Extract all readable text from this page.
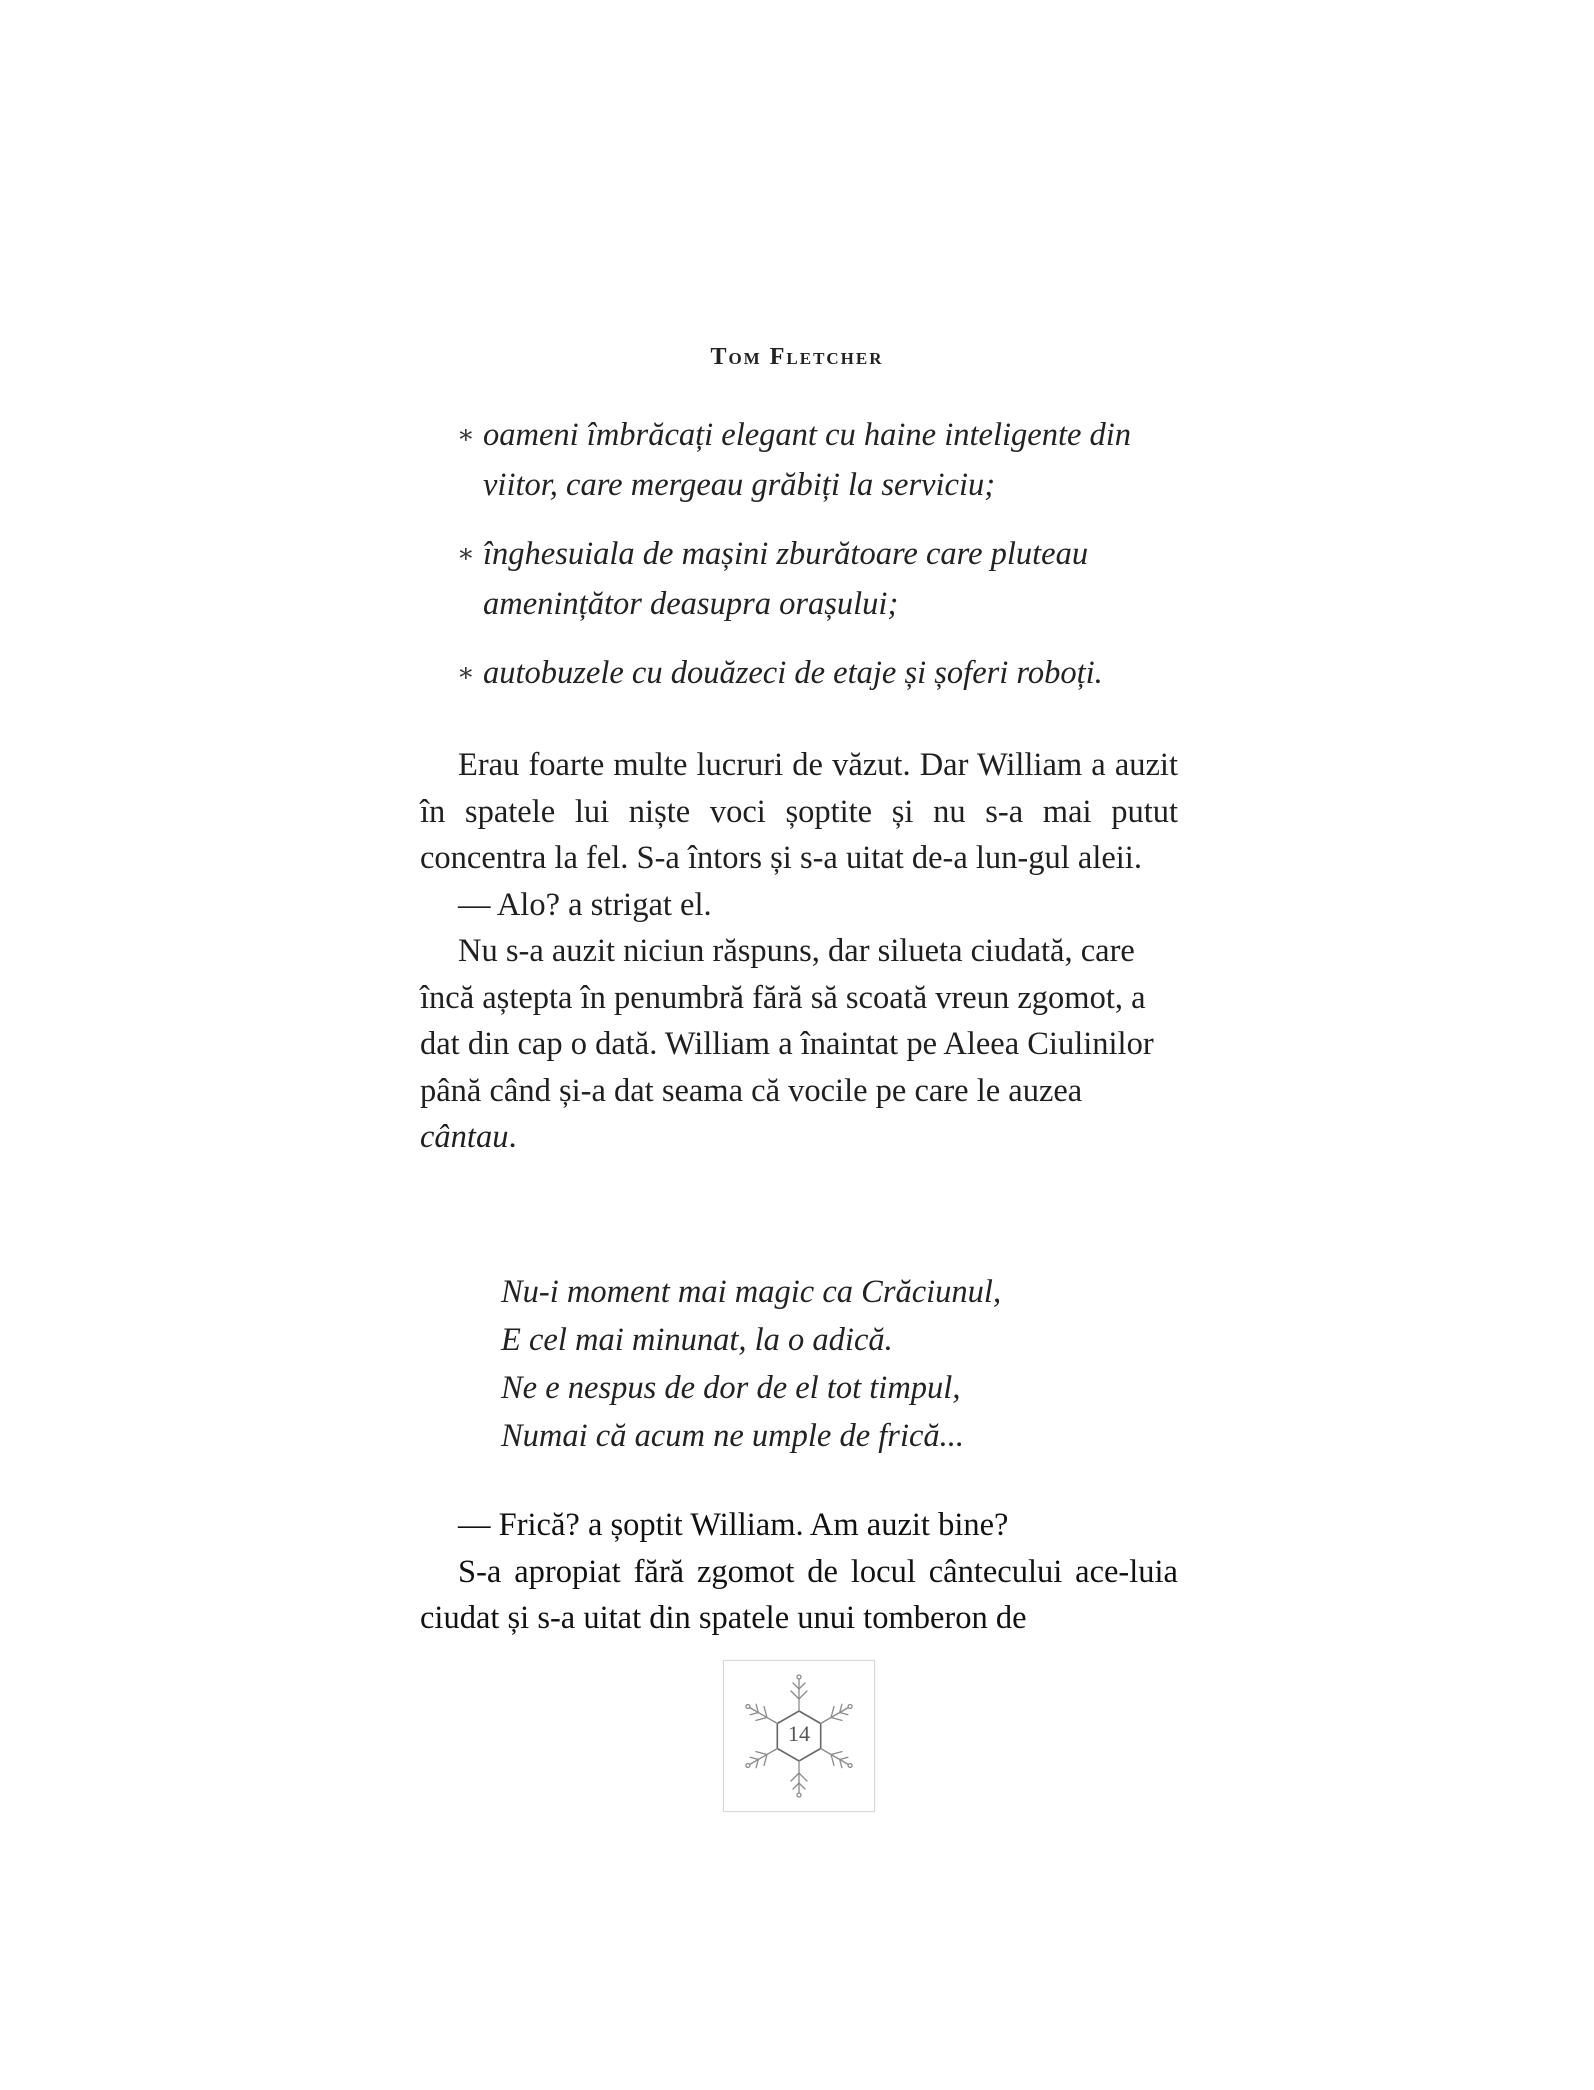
Tom Fletcher
∗ oameni îmbrăcați elegant cu haine inteligente din
viitor, care mergeau grăbiți la serviciu;
∗ înghesuiala de mașini zburătoare care pluteau
amenințător deasupra orașului;
∗ autobuzele cu douăzeci de etaje și șoferi roboți.

Erau foarte multe lucruri de văzut. Dar William a auzit în spatele lui niște voci șoptite și nu s-a mai putut concentra la fel. S-a întors și s-a uitat de-a lun-gul aleii.

— Alo? a strigat el.

Nu s-a auzit niciun răspuns, dar silueta ciudată, care încă aștepta în penumbră fără să scoată vreun zgomot, a dat din cap o dată. William a înaintat pe Aleea Ciulinilor până când și-a dat seama că vocile pe care le auzea cântau.

Nu-i moment mai magic ca Crăciunul,
E cel mai minunat, la o adică.
Ne e nespus de dor de el tot timpul,
Numai că acum ne umple de frică...

— Frică? a șoptit William. Am auzit bine?

S-a apropiat fără zgomot de locul cântecului ace-luia ciudat și s-a uitat din spatele unui tomberon de

14
